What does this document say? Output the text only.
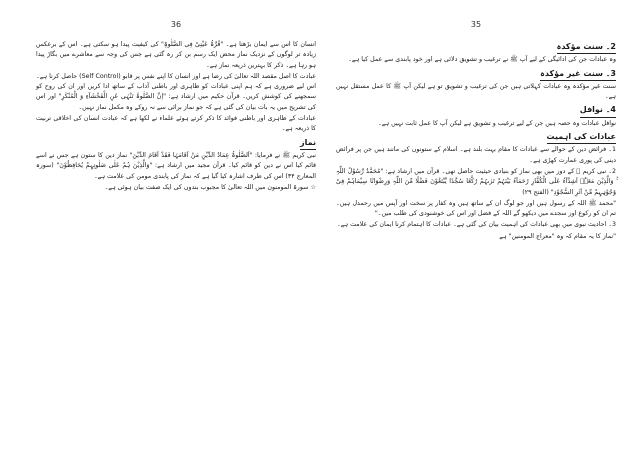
36

انسان کا اس سے ایمان بڑھتا ہے۔ "قُرَّۃُ عَیْنِیْ فِی الصَّلٰوۃِ" کی کیفیت پیدا ہو سکتی ہے۔ اس کے برعکس زیادہ تر لوگوں کے نزدیک نماز محض ایک رسم بن کر رہ گئی ہے جس کی وجہ سے معاشرے میں بگاڑ پیدا ہو رہا ہے۔ ذکر کا بہترین ذریعہ نماز ہے۔

عبادت کا اصل مقصد اللہ تعالیٰ کی رضا ہے اور انسان کا اپنے نفس پر قابو (Self Control) حاصل کرنا ہے۔ اس لیے ضروری ہے کہ ہم اپنی عبادات کو ظاہری اور باطنی آداب کے ساتھ ادا کریں اور ان کی روح کو سمجھنے کی کوشش کریں۔ قرآن حکیم میں ارشاد ہے: "اِنَّ الصَّلٰوۃَ تَنْہٰی عَنِ الْفَحْشَآءِ وَ الْمُنْکَرِ" اور اس کی تشریح میں یہ بات بیان کی گئی ہے کہ جو نماز برائی سے نہ روکے وہ مکمل نماز نہیں۔

عبادات کے ظاہری اور باطنی فوائد کا ذکر کرتے ہوئے علماء نے لکھا ہے کہ عبادت انسان کی اخلاقی تربیت کا ذریعہ ہے۔

نماز

نبی کریم ﷺ نے فرمایا: "اَلصَّلٰوۃُ عِمَادُ الدِّیْنِ مَنْ اَقَامَہَا فَقَدْ اَقَامَ الدِّیْنَ" نماز دین کا ستون ہے جس نے اسے قائم کیا اس نے دین کو قائم کیا۔ قرآن مجید میں ارشاد ہے: "وَالَّذِیْنَ ہُمْ عَلٰی صَلٰوتِہِمْ یُحَافِظُوْنَ" (سورہ المعارج ۳۴) اس کی طرف اشارہ کیا گیا ہے کہ نماز کی پابندی مومن کی علامت ہے۔

☆ سورۃ المومنون میں اللہ تعالیٰ کا مجبوب بندوں کی ایک صفت بیان ہوئی ہے۔

35
2۔ سنت مؤکدہ

وہ عبادات جن کی ادائیگی کے لیے آپ ﷺ نے ترغیب و تشویق دلائی ہے اور خود پابندی سے عمل کیا ہے۔

3۔ سنت غیر مؤکدہ

سنت غیر مؤکدہ وہ عبادات کہلاتی ہیں جن کی ترغیب و تشویق تو ہے لیکن آپ ﷺ کا عمل مستقل نہیں ہے۔

4۔ نوافل

نوافل عبادات وہ حصہ ہیں جن کے لیے ترغیب و تشویق ہے لیکن آپ کا عمل ثابت نہیں ہے۔

عبادات کی اہمیت

1۔ فرائض دین کے حوالے سے عبادات کا مقام بہت بلند ہے۔ اسلام کے ستونوں کی مانند ہیں جن پر فرائض دینی کی پوری عمارت کھڑی ہے۔

2۔ نبی کریم ﷺ کے دور میں بھی نماز کو بنیادی حیثیت حاصل تھی۔ قرآن میں ارشاد ہے: "مُحَمَّدٌ رَّسُوْلُ اللّٰہِ ۚ وَالَّذِیْنَ مَعَہٗۤ اَشِدَّآءُ عَلَی الْکُفَّارِ رُحَمَآءُ بَیْنَہُمْ تَرٰىہُمْ رُکَّعًا سُجَّدًا یَّبْتَغُوْنَ فَضْلًا مِّنَ اللّٰہِ وَرِضْوَانًا سِیْمَاہُمْ فِیْ وُجُوْہِہِمْ مِّنْ اَثَرِ السُّجُوْدِ" (الفتح ۲۹)

"محمد ﷺ اللہ کے رسول ہیں اور جو لوگ ان کے ساتھ ہیں وہ کفار پر سخت اور آپس میں رحمدل ہیں۔ تم ان کو رکوع اور سجدے میں دیکھو گے اللہ کے فضل اور اس کی خوشنودی کی طلب میں۔"

3۔ احادیث نبوی میں بھی عبادات کی اہمیت بیان کی گئی ہے۔ عبادات کا اہتمام کرنا ایمان کی علامت ہے۔

"نماز کا یہ مقام کہ وہ "معراج المومنین" ہے
